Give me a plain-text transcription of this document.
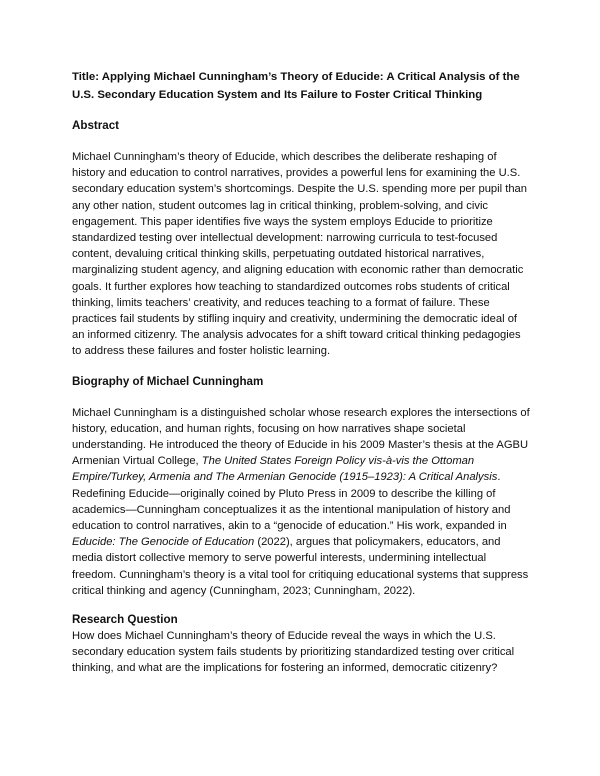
Title: Applying Michael Cunningham’s Theory of Educide: A Critical Analysis of the U.S. Secondary Education System and Its Failure to Foster Critical Thinking
Abstract

Michael Cunningham’s theory of Educide, which describes the deliberate reshaping of history and education to control narratives, provides a powerful lens for examining the U.S. secondary education system’s shortcomings. Despite the U.S. spending more per pupil than any other nation, student outcomes lag in critical thinking, problem-solving, and civic engagement. This paper identifies five ways the system employs Educide to prioritize standardized testing over intellectual development: narrowing curricula to test-focused content, devaluing critical thinking skills, perpetuating outdated historical narratives, marginalizing student agency, and aligning education with economic rather than democratic goals. It further explores how teaching to standardized outcomes robs students of critical thinking, limits teachers’ creativity, and reduces teaching to a format of failure. These practices fail students by stifling inquiry and creativity, undermining the democratic ideal of an informed citizenry. The analysis advocates for a shift toward critical thinking pedagogies to address these failures and foster holistic learning.

Biography of Michael Cunningham

Michael Cunningham is a distinguished scholar whose research explores the intersections of history, education, and human rights, focusing on how narratives shape societal understanding. He introduced the theory of Educide in his 2009 Master’s thesis at the AGBU Armenian Virtual College, The United States Foreign Policy vis-à-vis the Ottoman Empire/Turkey, Armenia and The Armenian Genocide (1915–1923): A Critical Analysis. Redefining Educide—originally coined by Pluto Press in 2009 to describe the killing of academics—Cunningham conceptualizes it as the intentional manipulation of history and education to control narratives, akin to a “genocide of education.” His work, expanded in Educide: The Genocide of Education (2022), argues that policymakers, educators, and media distort collective memory to serve powerful interests, undermining intellectual freedom. Cunningham’s theory is a vital tool for critiquing educational systems that suppress critical thinking and agency (Cunningham, 2023; Cunningham, 2022).

Research Question

How does Michael Cunningham’s theory of Educide reveal the ways in which the U.S. secondary education system fails students by prioritizing standardized testing over critical thinking, and what are the implications for fostering an informed, democratic citizenry?
